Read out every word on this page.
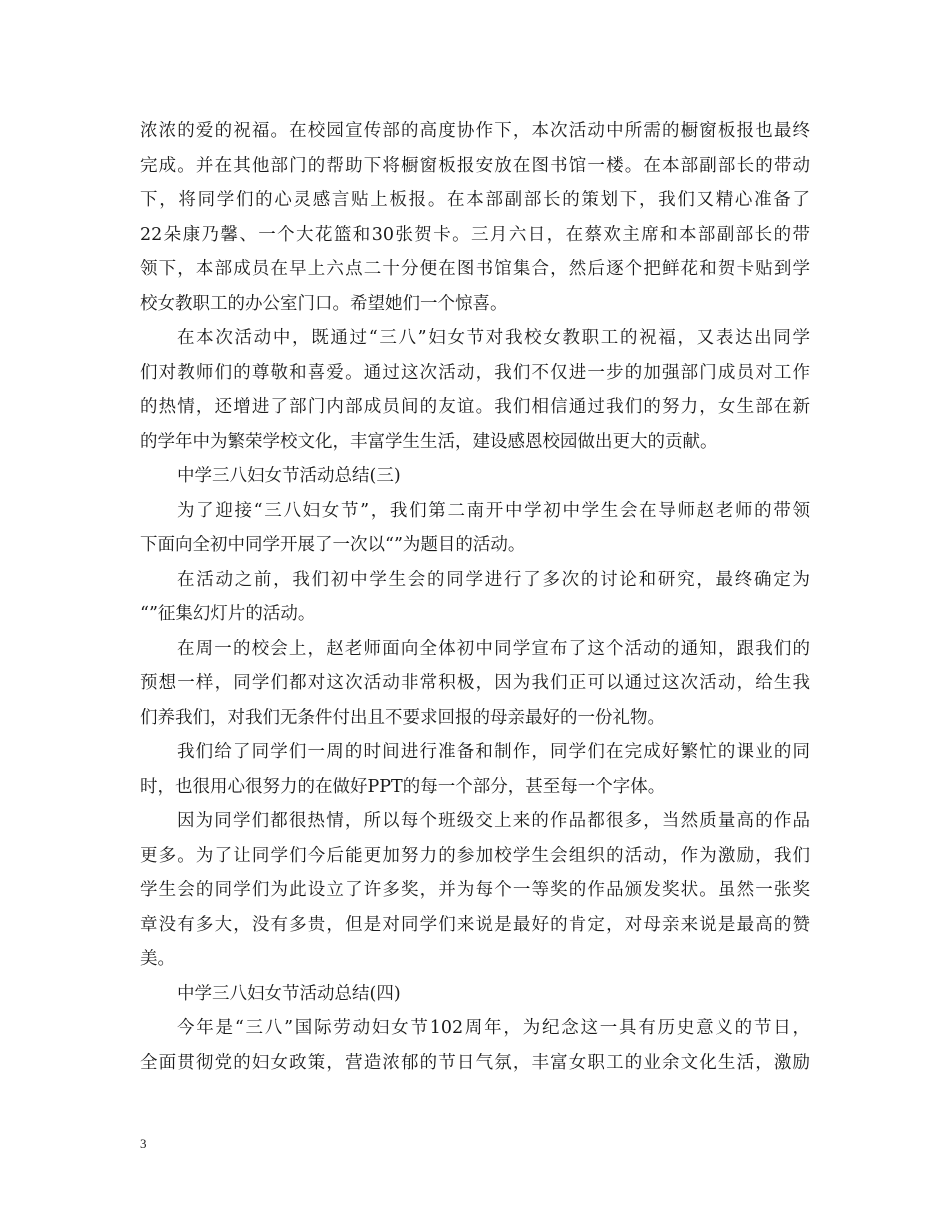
浓浓的爱的祝福。在校园宣传部的高度协作下，本次活动中所需的橱窗板报也最终
完成。并在其他部门的帮助下将橱窗板报安放在图书馆一楼。在本部副部长的带动
下，将同学们的心灵感言贴上板报。在本部副部长的策划下，我们又精心准备了
22朵康乃馨、一个大花篮和30张贺卡。三月六日，在蔡欢主席和本部副部长的带
领下，本部成员在早上六点二十分便在图书馆集合，然后逐个把鲜花和贺卡贴到学
校女教职工的办公室门口。希望她们一个惊喜。
在本次活动中，既通过“三八”妇女节对我校女教职工的祝福，又表达出同学
们对教师们的尊敬和喜爱。通过这次活动，我们不仅进一步的加强部门成员对工作
的热情，还增进了部门内部成员间的友谊。我们相信通过我们的努力，女生部在新
的学年中为繁荣学校文化，丰富学生生活，建设感恩校园做出更大的贡献。
中学三八妇女节活动总结(三)
为了迎接“三八妇女节”，我们第二南开中学初中学生会在导师赵老师的带领
下面向全初中同学开展了一次以“”为题目的活动。
在活动之前，我们初中学生会的同学进行了多次的讨论和研究，最终确定为
“”征集幻灯片的活动。
在周一的校会上，赵老师面向全体初中同学宣布了这个活动的通知，跟我们的
预想一样，同学们都对这次活动非常积极，因为我们正可以通过这次活动，给生我
们养我们，对我们无条件付出且不要求回报的母亲最好的一份礼物。
我们给了同学们一周的时间进行准备和制作，同学们在完成好繁忙的课业的同
时，也很用心很努力的在做好PPT的每一个部分，甚至每一个字体。
因为同学们都很热情，所以每个班级交上来的作品都很多，当然质量高的作品
更多。为了让同学们今后能更加努力的参加校学生会组织的活动，作为激励，我们
学生会的同学们为此设立了许多奖，并为每个一等奖的作品颁发奖状。虽然一张奖
章没有多大，没有多贵，但是对同学们来说是最好的肯定，对母亲来说是最高的赞
美。
中学三八妇女节活动总结(四)
今年是“三八”国际劳动妇女节102周年，为纪念这一具有历史意义的节日，
全面贯彻党的妇女政策，营造浓郁的节日气氛，丰富女职工的业余文化生活，激励
3
